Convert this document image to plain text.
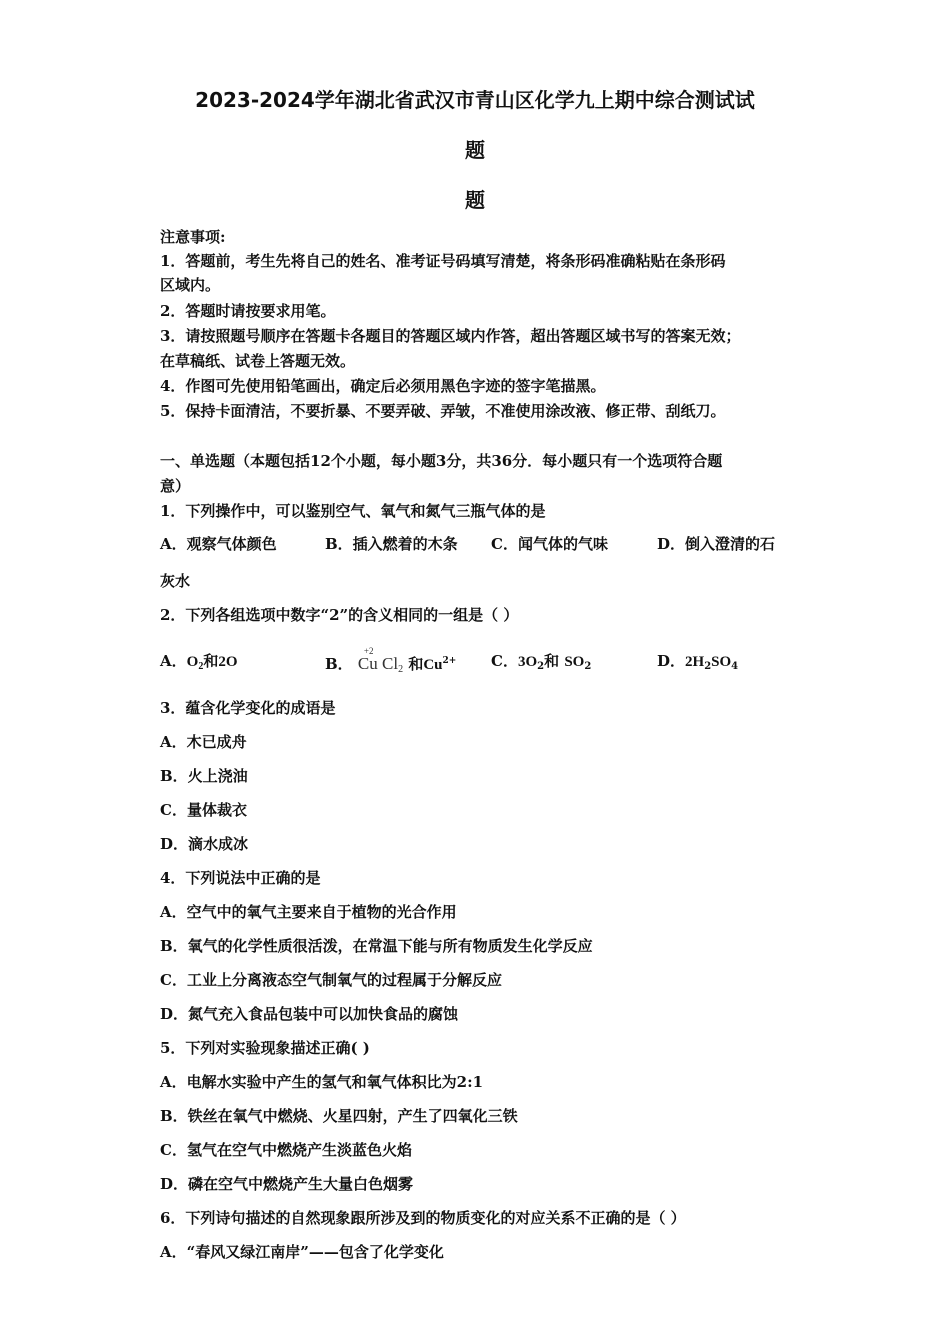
2023-2024学年湖北省武汉市青山区化学九上期中综合测试试
题
题
注意事项:
1．答题前，考生先将自己的姓名、准考证号码填写清楚，将条形码准确粘贴在条形码
区域内。
2．答题时请按要求用笔。
3．请按照题号顺序在答题卡各题目的答题区域内作答，超出答题区域书写的答案无效；
在草稿纸、试卷上答题无效。
4．作图可先使用铅笔画出，确定后必须用黑色字迹的签字笔描黑。
5．保持卡面清洁，不要折暴、不要弄破、弄皱，不准使用涂改液、修正带、刮纸刀。
一、单选题（本题包括12个小题，每小题3分，共36分．每小题只有一个选项符合题
意）
1．下列操作中，可以鉴别空气、氧气和氮气三瓶气体的是
A．观察气体颜色	B．插入燃着的木条 C．闻气体的气味	D．倒入澄清的石
灰水
2．下列各组选项中数字“2”的含义相同的一组是（ ）
A．$O_2$和2O	B．
+2
Cu $Cl_2$ 和$Cu^{2+}$ C．$3O_2$和 $SO_2$	D．$2H_2SO_4$
3．蕴含化学变化的成语是
A．木已成舟
B．火上浇油
C．量体裁衣
D．滴水成冰
4．下列说法中正确的是
A．空气中的氧气主要来自于植物的光合作用
B．氧气的化学性质很活泼，在常温下能与所有物质发生化学反应
C．工业上分离液态空气制氧气的过程属于分解反应
D．氮气充入食品包装中可以加快食品的腐蚀
5．下列对实验现象描述正确( )
A．电解水实验中产生的氢气和氧气体积比为2:1
B．铁丝在氧气中燃烧、火星四射，产生了四氧化三铁
C．氢气在空气中燃烧产生淡蓝色火焰
D．磷在空气中燃烧产生大量白色烟雾
6．下列诗句描述的自然现象跟所涉及到的物质变化的对应关系不正确的是（ ）
A．“春风又绿江南岸”——包含了化学变化
